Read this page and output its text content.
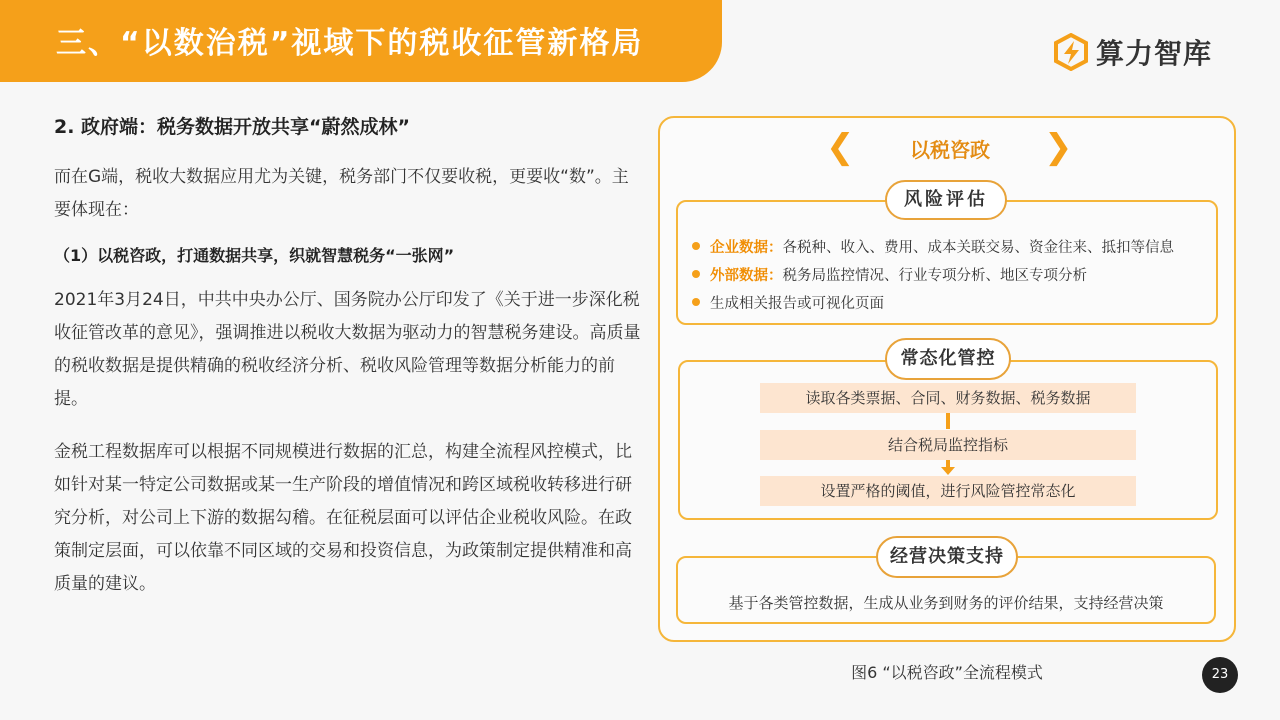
三、“以数治税”视域下的税收征管新格局	算力智库
2. 政府端：税务数据开放共享“蔚然成林”

而在G端，税收大数据应用尤为关键，税务部门不仅要收税，更要收“数”。主要体现在：

（1）以税咨政，打通数据共享，织就智慧税务“一张网”

2021年3月24日，中共中央办公厅、国务院办公厅印发了《关于进一步深化税收征管改革的意见》，强调推进以税收大数据为驱动力的智慧税务建设。高质量的税收数据是提供精确的税收经济分析、税收风险管理等数据分析能力的前提。

金税工程数据库可以根据不同规模进行数据的汇总，构建全流程风控模式，比如针对某一特定公司数据或某一生产阶段的增值情况和跨区域税收转移进行研究分析，对公司上下游的数据勾稽。在征税层面可以评估企业税收风险。在政策制定层面，可以依靠不同区域的交易和投资信息，为政策制定提供精准和高质量的建议。

❮	❯
以税咨政
风险评估
企业数据： 各税种、收入、费用、成本关联交易、资金往来、抵扣等信息
外部数据： 税务局监控情况、行业专项分析、地区专项分析
生成相关报告或可视化页面
常态化管控
读取各类票据、合同、财务数据、税务数据
结合税局监控指标
设置严格的阈值，进行风险管控常态化
经营决策支持
基于各类管控数据，生成从业务到财务的评价结果，支持经营决策
图6 “以税咨政”全流程模式	23
